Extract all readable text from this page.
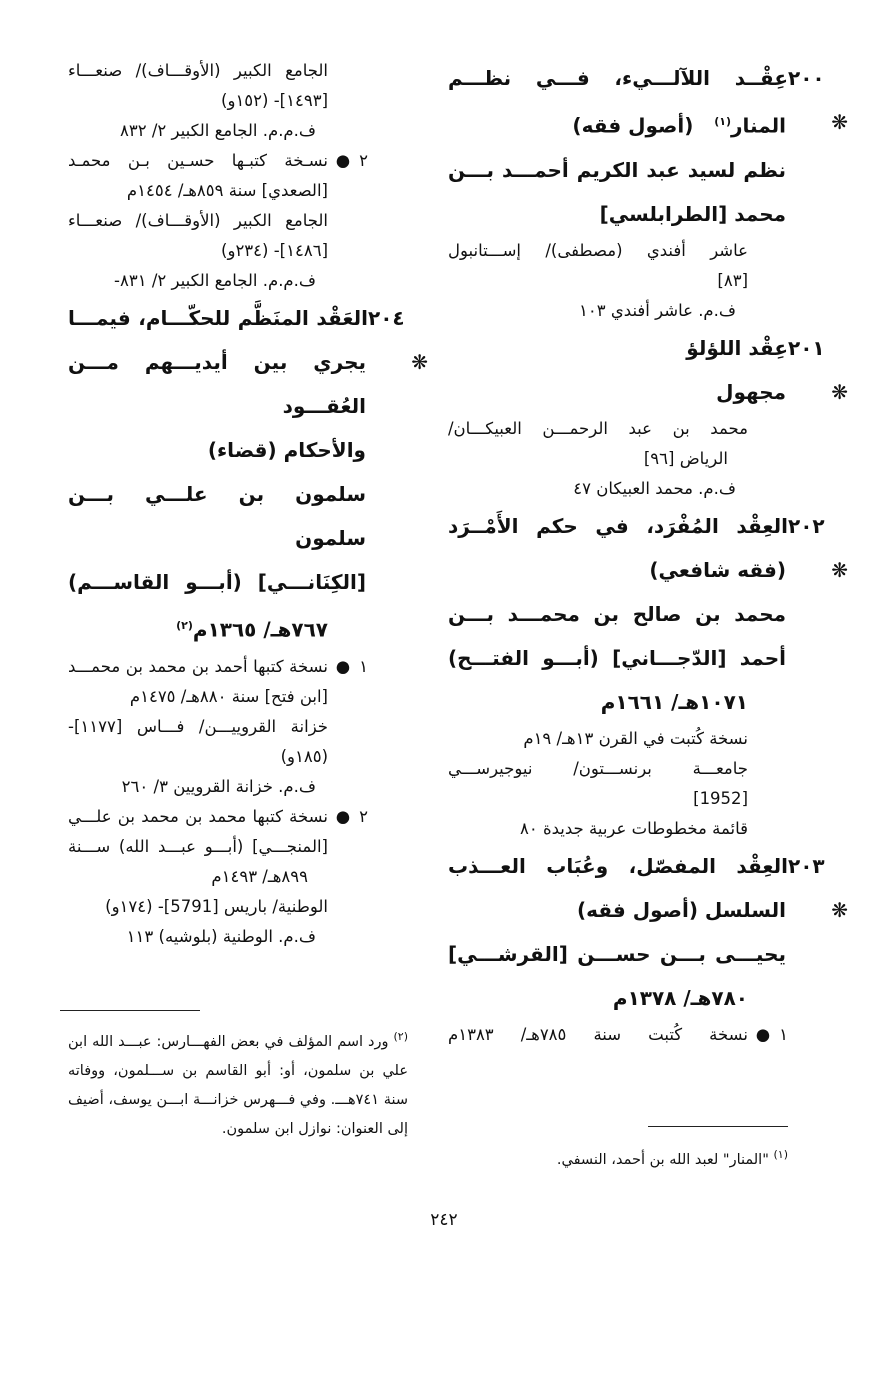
٢٠٠ ❋
عِقْــد اللآلـــيء، فـــي نظـــم
المنار$^{(١)}$   (أصول فقه)
نظم لسيد عبد الكريم أحمـــد بـــن
محمد [الطرابلسي]
عاشر أفندي (مصطفى)/ إســـتانبول
[٨٣]
ف.م. عاشر أفندي ١٠٣
٢٠١ ❋
عِقْد اللؤلؤ
مجهول
محمد بن عبد الرحمـــن العبيكـــان/
الرياض [٩٦]
ف.م. محمد العبيكان ٤٧
٢٠٢ ❋
العِقْد المُفْرَد، في حكم الأَمْــرَد
(فقه شافعي)
محمد بن صالح بن محمـــد بـــن
أحمد [الدّجـــاني] (أبـــو الفتـــح)
١٠٧١هـ/ ١٦٦١م
نسخة كُتبت في القرن ١٣هـ/ ١٩م
جامعـــة برنســـتون/ نيوجيرســـي
[1952]
قائمة مخطوطات عربية جديدة ٨٠
٢٠٣ ❋
العِقْد المفصّل، وعُبَاب العـــذب
السلسل (أصول فقه)
يحيـــى بـــن حســـن [القرشـــي]
٧٨٠هـ/ ١٣٧٨م
١ ●
نسخة كُتبت سنة ٧٨٥هـ/ ١٣٨٣م
الجامع الكبير (الأوقـــاف)/ صنعـــاء
[١٤٩٣]- (١٥٢و)
ف.م.م. الجامع الكبير ٢/ ٨٣٢
٢ ●
نسـخة كتبـها حسـين بـن محمـد
[الصعدي] سنة ٨٥٩هـ/ ١٤٥٤م
الجامع الكبير (الأوقـــاف)/ صنعـــاء
[١٤٨٦]- (٢٣٤و)
ف.م.م. الجامع الكبير ٢/ ٨٣١-
٢٠٤ ❋
العَقْد المنَظَّم للحكّـــام، فيمـــا
يجري بين أيديـــهم مـــن العُقـــود
والأحكام (قضاء)
سلمون بن علـــي بـــن سلمون
[الكِنَانـــي] (أبـــو القاســـم)
٧٦٧هـ/ ١٣٦٥م$^{(٢)}$
١ ●
نسخة كتبها أحمد بن محمد بن محمـــد
[ابن فتح] سنة ٨٨٠هـ/ ١٤٧٥م
خزانة القروييـــن/ فـــاس [١١٧٧]-
(١٨٥و)
ف.م. خزانة القرويين ٣/ ٢٦٠
٢ ●
نسخة كتبها محمد بن محمد بن علـــي
[المنجـــي] (أبـــو عبـــد الله) ســـنة
٨٩٩هـ/ ١٤٩٣م
الوطنية/ باريس [5791]- (١٧٤و)
ف.م. الوطنية (بلوشيه) ١١٣
$^{(٢)}$ ورد اسم المؤلف في بعض الفهـــارس: عبـــد الله ابن علي بن سلمون، أو: أبو القاسم بن ســـلمون، ووفاته سنة ٧٤١هـــ. وفي فـــهرس خزانـــة ابـــن يوسف، أضيف إلى العنوان: نوازل ابن سلمون.
$^{(١)}$ "المنار" لعبد الله بن أحمد، النسفي.
٢٤٢
